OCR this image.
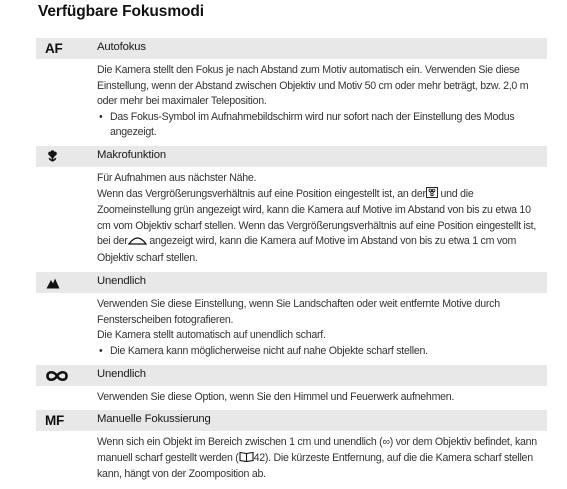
Verfügbare Fokusmodi
AF	Autofokus

Die Kamera stellt den Fokus je nach Abstand zum Motiv automatisch ein. Verwenden Sie diese Einstellung, wenn der Abstand zwischen Objektiv und Motiv 50 cm oder mehr beträgt, bzw. 2,0 m oder mehr bei maximaler Teleposition.

• Das Fokus-Symbol im Aufnahmebildschirm wird nur sofort nach der Einstellung des Modus angezeigt.

Makrofunktion

Für Aufnahmen aus nächster Nähe.

Wenn das Vergrößerungsverhältnis auf eine Position eingestellt ist, an der und die Zoomeinstellung grün angezeigt wird, kann die Kamera auf Motive im Abstand von bis zu etwa 10 cm vom Objektiv scharf stellen. Wenn das Vergrößerungsverhältnis auf eine Position eingestellt ist, bei der angezeigt wird, kann die Kamera auf Motive im Abstand von bis zu etwa 1 cm vom Objektiv scharf stellen.

Unendlich

Verwenden Sie diese Einstellung, wenn Sie Landschaften oder weit entfernte Motive durch Fensterscheiben fotografieren.

Die Kamera stellt automatisch auf unendlich scharf.

• Die Kamera kann möglicherweise nicht auf nahe Objekte scharf stellen.

Unendlich

Verwenden Sie diese Option, wenn Sie den Himmel und Feuerwerk aufnehmen.

MF	Manuelle Fokussierung

Wenn sich ein Objekt im Bereich zwischen 1 cm und unendlich (∞) vor dem Objektiv befindet, kann manuell scharf gestellt werden ( 42). Die kürzeste Entfernung, auf die die Kamera scharf stellen kann, hängt von der Zoomposition ab.
